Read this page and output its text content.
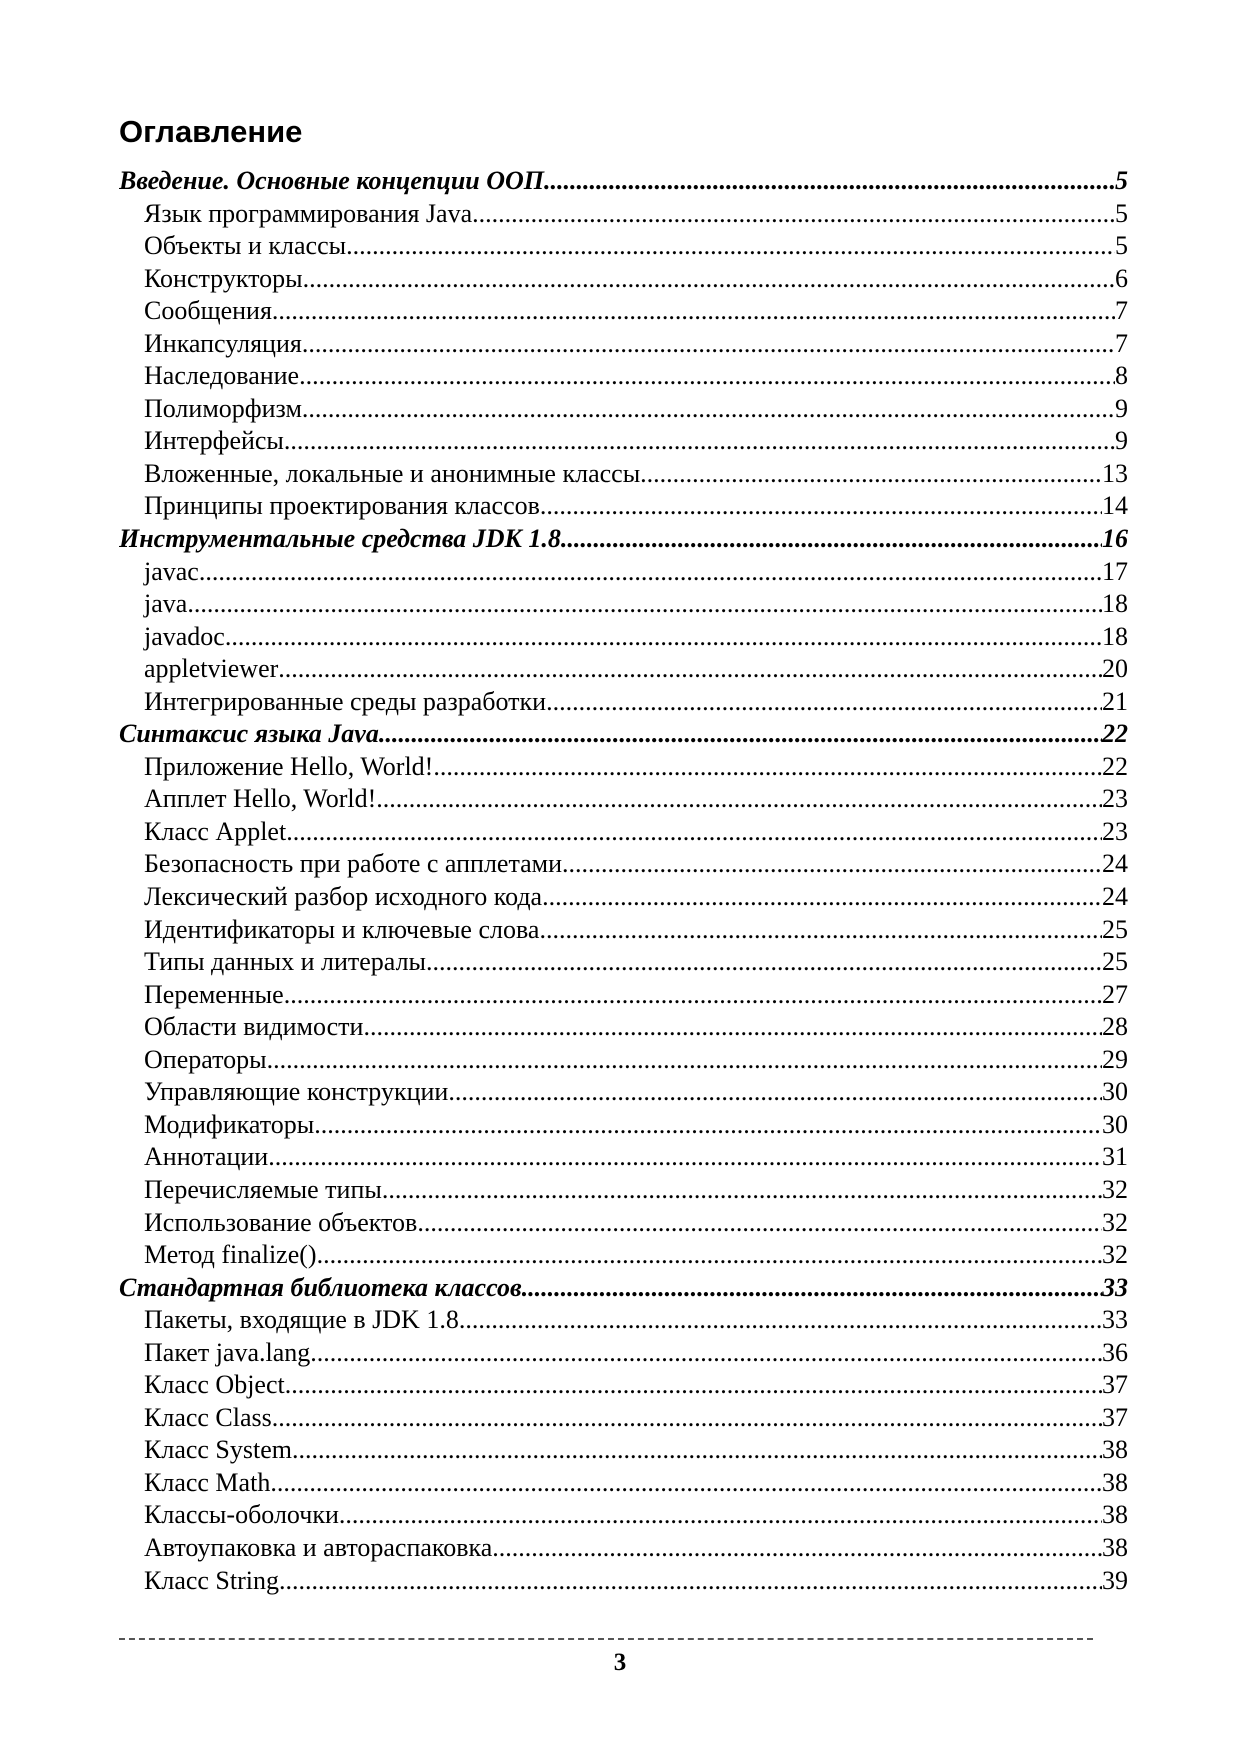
Оглавление
Введение. Основные концепции ООП .....	5
Язык программирования Java .....	5
Объекты и классы .....	5
Конструкторы .....	6
Сообщения .....	7
Инкапсуляция .....	7
Наследование .....	8
Полиморфизм .....	9
Интерфейсы .....	9
Вложенные, локальные и анонимные классы .....	13
Принципы проектирования классов .....	14
Инструментальные средства JDK 1.8 .....	16
javac .....	17
java .....	18
javadoc .....	18
appletviewer .....	20
Интегрированные среды разработки .....	21
Синтаксис языка Java .....	22
Приложение Hello, World! .....	22
Апплет Hello, World! .....	23
Класс Applet .....	23
Безопасность при работе с апплетами .....	24
Лексический разбор исходного кода .....	24
Идентификаторы и ключевые слова .....	25
Типы данных и литералы .....	25
Переменные .....	27
Области видимости .....	28
Операторы .....	29
Управляющие конструкции .....	30
Модификаторы .....	30
Аннотации .....	31
Перечисляемые типы .....	32
Использование объектов .....	32
Метод finalize() .....	32
Стандартная библиотека классов .....	33
Пакеты, входящие в JDK 1.8 .....	33
Пакет java.lang .....	36
Класс Object .....	37
Класс Class .....	37
Класс System .....	38
Класс Math .....	38
Классы-оболочки .....	38
Автоупаковка и автораспаковка .....	38
Класс String .....	39
3
